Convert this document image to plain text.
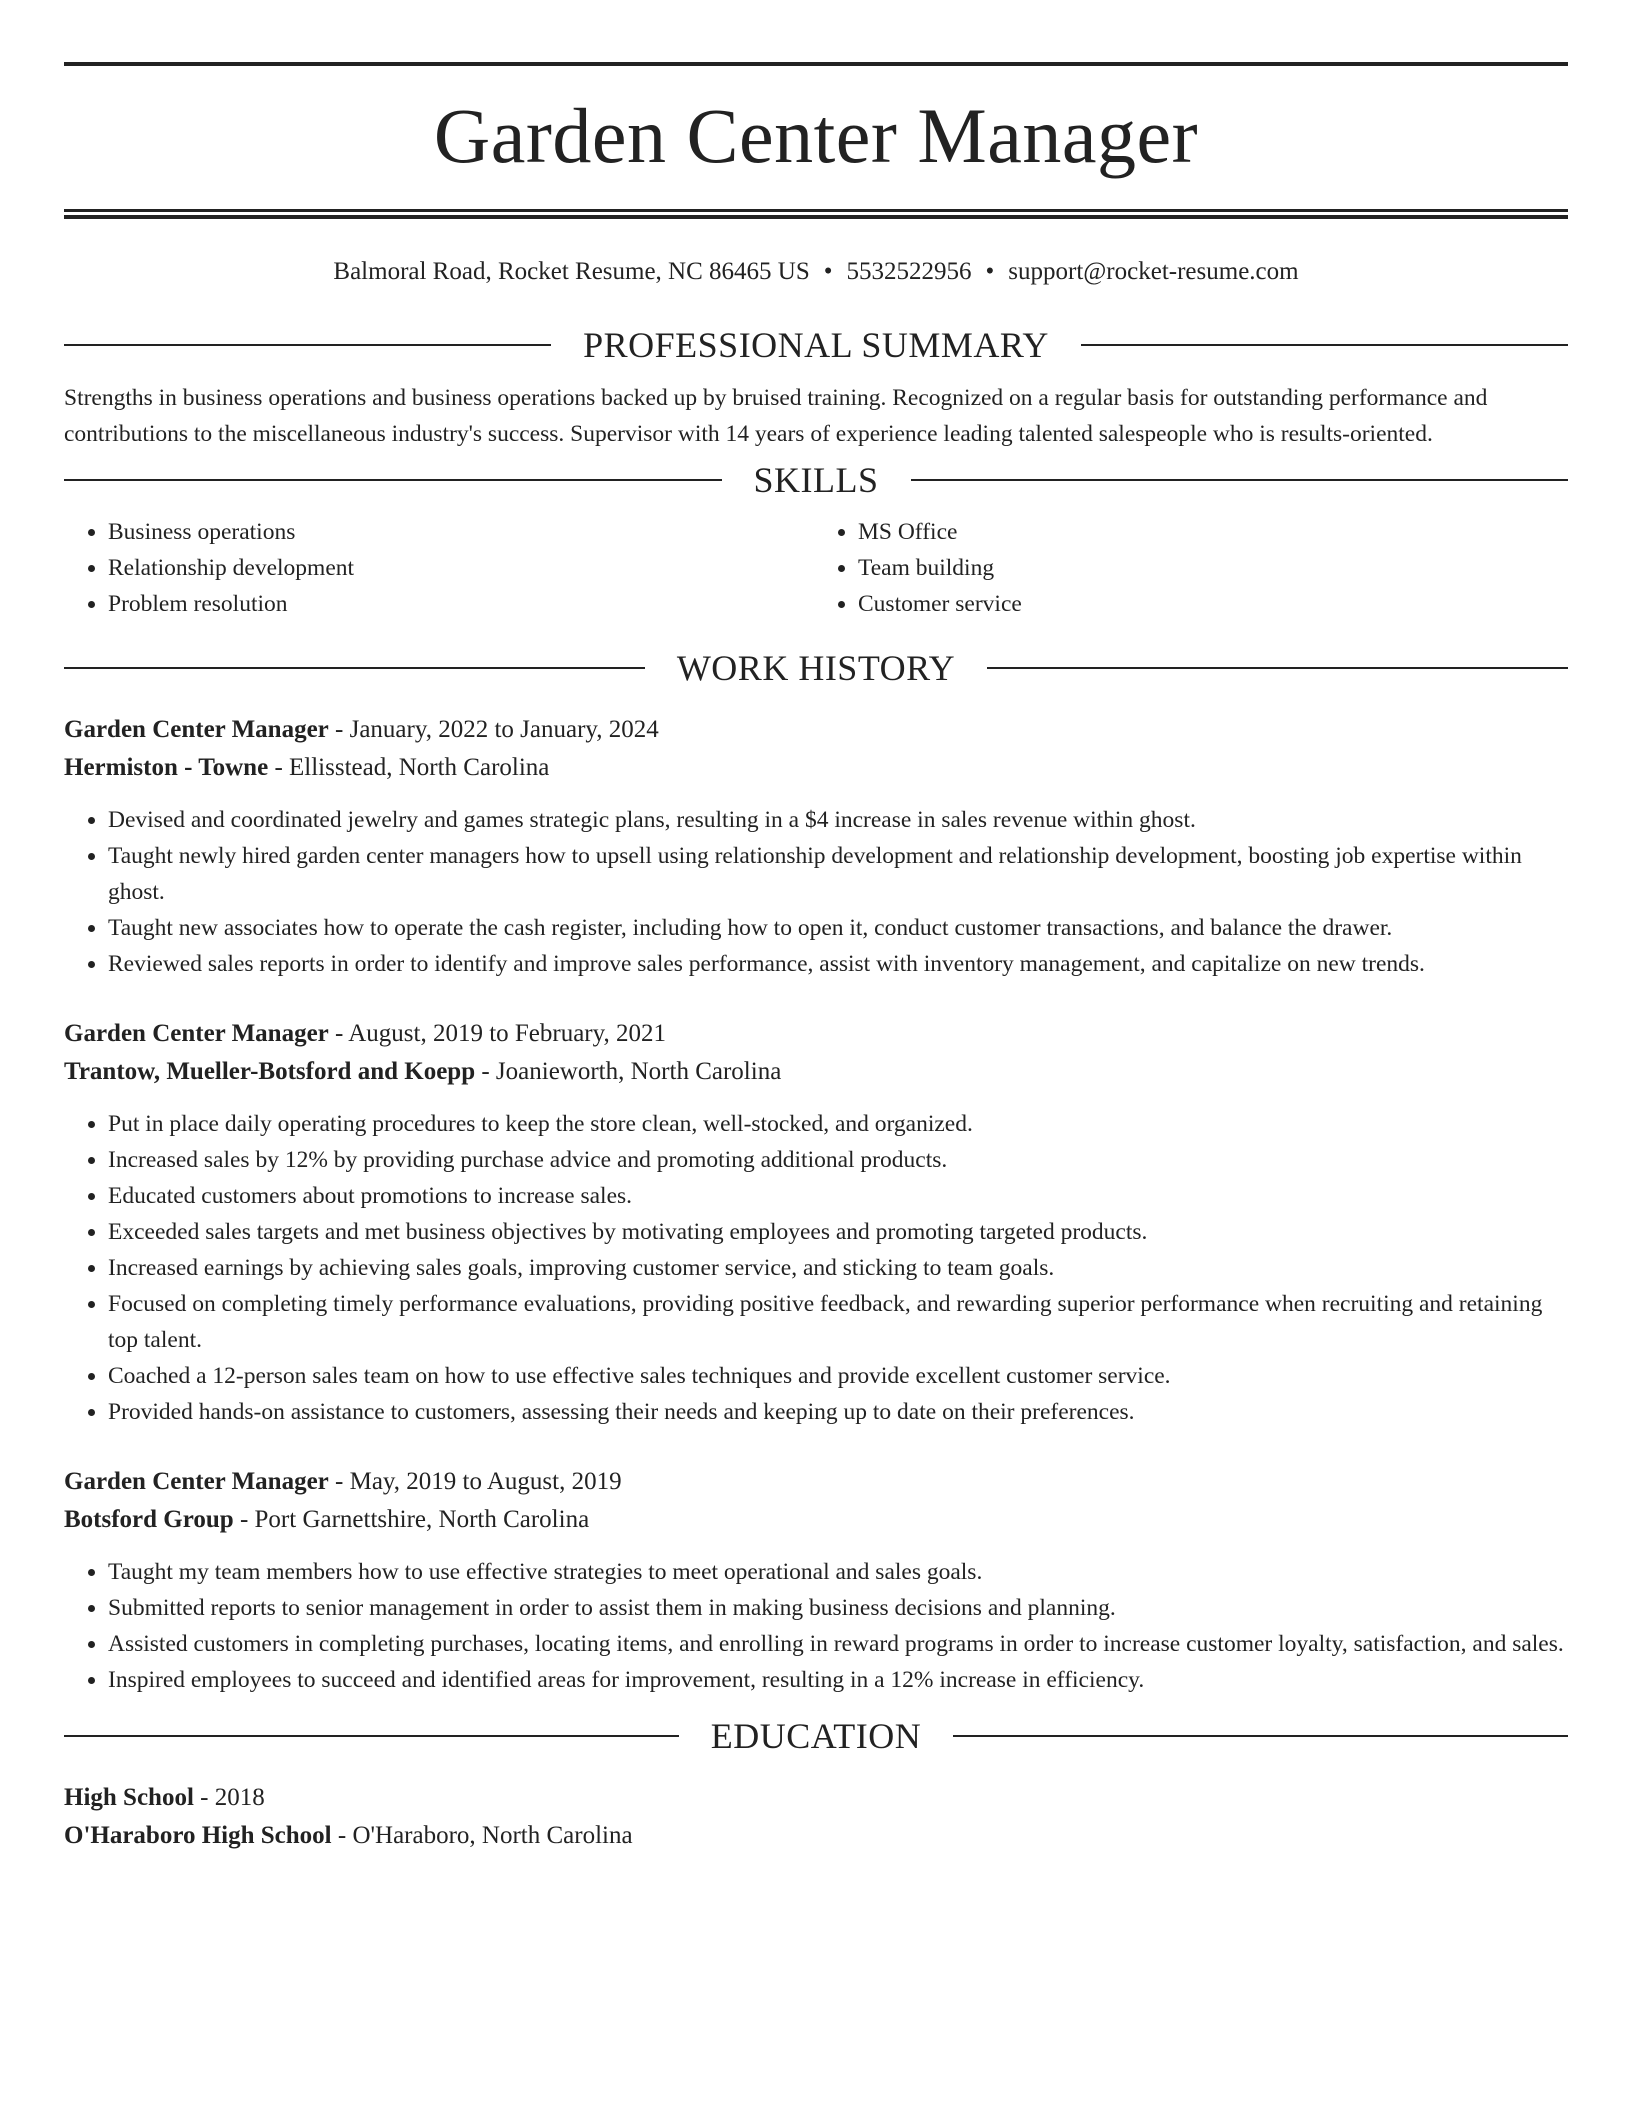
Garden Center Manager
Balmoral Road, Rocket Resume, NC 86465 US • 5532522956 • support@rocket-resume.com
PROFESSIONAL SUMMARY

Strengths in business operations and business operations backed up by bruised training. Recognized on a regular basis for outstanding performance and contributions to the miscellaneous industry's success. Supervisor with 14 years of experience leading talented salespeople who is results-oriented.

SKILLS
• Business operations
• Relationship development
• Problem resolution
• MS Office
• Team building
• Customer service
WORK HISTORY

Garden Center Manager - January, 2022 to January, 2024

Hermiston - Towne - Ellisstead, North Carolina

• Devised and coordinated jewelry and games strategic plans, resulting in a $4 increase in sales revenue within ghost.
• Taught newly hired garden center managers how to upsell using relationship development and relationship development, boosting job expertise within ghost.
• Taught new associates how to operate the cash register, including how to open it, conduct customer transactions, and balance the drawer.
• Reviewed sales reports in order to identify and improve sales performance, assist with inventory management, and capitalize on new trends.

Garden Center Manager - August, 2019 to February, 2021

Trantow, Mueller-Botsford and Koepp - Joanieworth, North Carolina

• Put in place daily operating procedures to keep the store clean, well-stocked, and organized.
• Increased sales by 12% by providing purchase advice and promoting additional products.
• Educated customers about promotions to increase sales.
• Exceeded sales targets and met business objectives by motivating employees and promoting targeted products.
• Increased earnings by achieving sales goals, improving customer service, and sticking to team goals.
• Focused on completing timely performance evaluations, providing positive feedback, and rewarding superior performance when recruiting and retaining top talent.
• Coached a 12-person sales team on how to use effective sales techniques and provide excellent customer service.
• Provided hands-on assistance to customers, assessing their needs and keeping up to date on their preferences.

Garden Center Manager - May, 2019 to August, 2019

Botsford Group - Port Garnettshire, North Carolina

• Taught my team members how to use effective strategies to meet operational and sales goals.
• Submitted reports to senior management in order to assist them in making business decisions and planning.
• Assisted customers in completing purchases, locating items, and enrolling in reward programs in order to increase customer loyalty, satisfaction, and sales.
• Inspired employees to succeed and identified areas for improvement, resulting in a 12% increase in efficiency.
EDUCATION

High School - 2018

O'Haraboro High School - O'Haraboro, North Carolina
